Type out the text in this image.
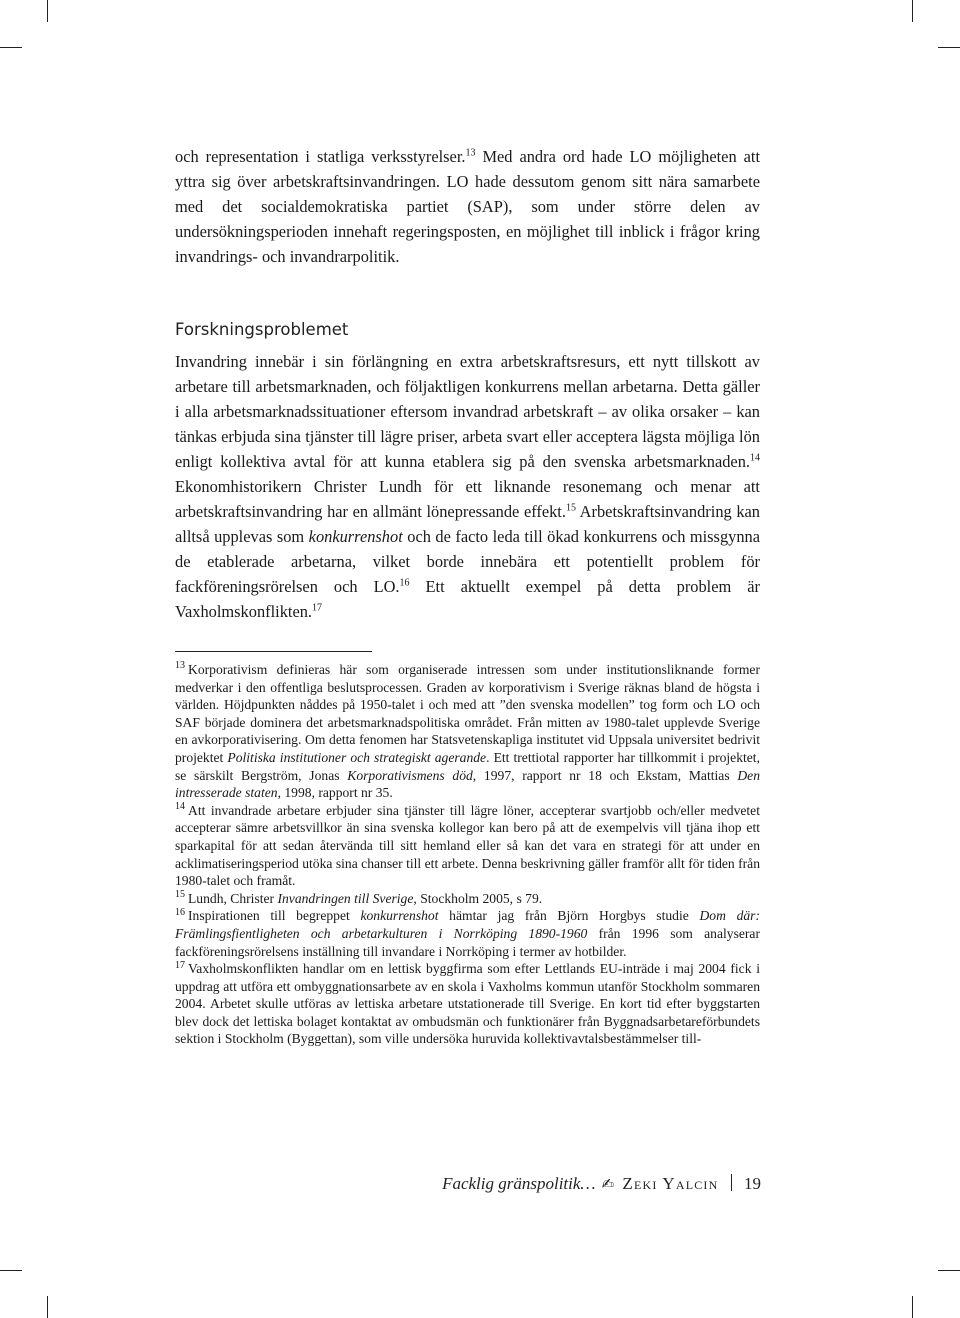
och representation i statliga verksstyrelser.$^{13}$ Med andra ord hade LO möjligheten att yttra sig över arbetskraftsinvandringen. LO hade dessutom genom sitt nära samarbete med det socialdemokratiska partiet (SAP), som under större delen av undersökningsperioden innehaft regeringsposten, en möjlighet till inblick i frågor kring invandrings- och invandrarpolitik.

Forskningsproblemet

Invandring innebär i sin förlängning en extra arbetskraftsresurs, ett nytt tillskott av arbetare till arbetsmarknaden, och följaktligen konkurrens mellan arbetarna. Detta gäller i alla arbetsmarknadssituationer eftersom invandrad arbetskraft – av olika orsaker – kan tänkas erbjuda sina tjänster till lägre priser, arbeta svart eller acceptera lägsta möjliga lön enligt kollektiva avtal för att kunna etablera sig på den svenska arbetsmarknaden.$^{14}$ Ekonomhistorikern Christer Lundh för ett liknande resonemang och menar att arbetskraftsinvandring har en allmänt lönepressande effekt.$^{15}$ Arbetskraftsinvandring kan alltså upplevas som konkurrenshot och de facto leda till ökad konkurrens och missgynna de etablerade arbetarna, vilket borde innebära ett potentiellt problem för fackföreningsrörelsen och LO.$^{16}$ Ett aktuellt exempel på detta problem är Vaxholmskonflikten.$^{17}$

$^{13}$ Korporativism definieras här som organiserade intressen som under institutionsliknande former medverkar i den offentliga beslutsprocessen. Graden av korporativism i Sverige räknas bland de högsta i världen. Höjdpunkten nåddes på 1950-talet i och med att ”den svenska modellen” tog form och LO och SAF började dominera det arbetsmarknadspolitiska området. Från mitten av 1980-talet upplevde Sverige en avkorporativisering. Om detta fenomen har Statsvetenskapliga institutet vid Uppsala universitet bedrivit projektet Politiska institutioner och strategiskt agerande. Ett trettiotal rapporter har tillkommit i projektet, se särskilt Bergström, Jonas Korporativismens död, 1997, rapport nr 18 och Ekstam, Mattias Den intresserade staten, 1998, rapport nr 35.

$^{14}$ Att invandrade arbetare erbjuder sina tjänster till lägre löner, accepterar svartjobb och/eller medvetet accepterar sämre arbetsvillkor än sina svenska kollegor kan bero på att de exempelvis vill tjäna ihop ett sparkapital för att sedan återvända till sitt hemland eller så kan det vara en strategi för att under en acklimatiseringsperiod utöka sina chanser till ett arbete. Denna beskrivning gäller framför allt för tiden från 1980-talet och framåt.

$^{15}$ Lundh, Christer Invandringen till Sverige, Stockholm 2005, s 79.

$^{16}$ Inspirationen till begreppet konkurrenshot hämtar jag från Björn Horgbys studie Dom där: Främlingsfientligheten och arbetarkulturen i Norrköping 1890-1960 från 1996 som analyserar fackföreningsrörelsens inställning till invandare i Norrköping i termer av hotbilder.

$^{17}$ Vaxholmskonflikten handlar om en lettisk byggfirma som efter Lettlands EU-inträde i maj 2004 fick i uppdrag att utföra ett ombyggnationsarbete av en skola i Vaxholms kommun utanför Stockholm sommaren 2004. Arbetet skulle utföras av lettiska arbetare utstationerade till Sverige. En kort tid efter byggstarten blev dock det lettiska bolaget kontaktat av ombudsmän och funktionärer från Byggnadsarbetareförbundets sektion i Stockholm (Byggettan), som ville undersöka huruvida kollektivavtalsbestämmelser till-

Facklig gränspolitik… ✍ Zeki Yalcin 19
